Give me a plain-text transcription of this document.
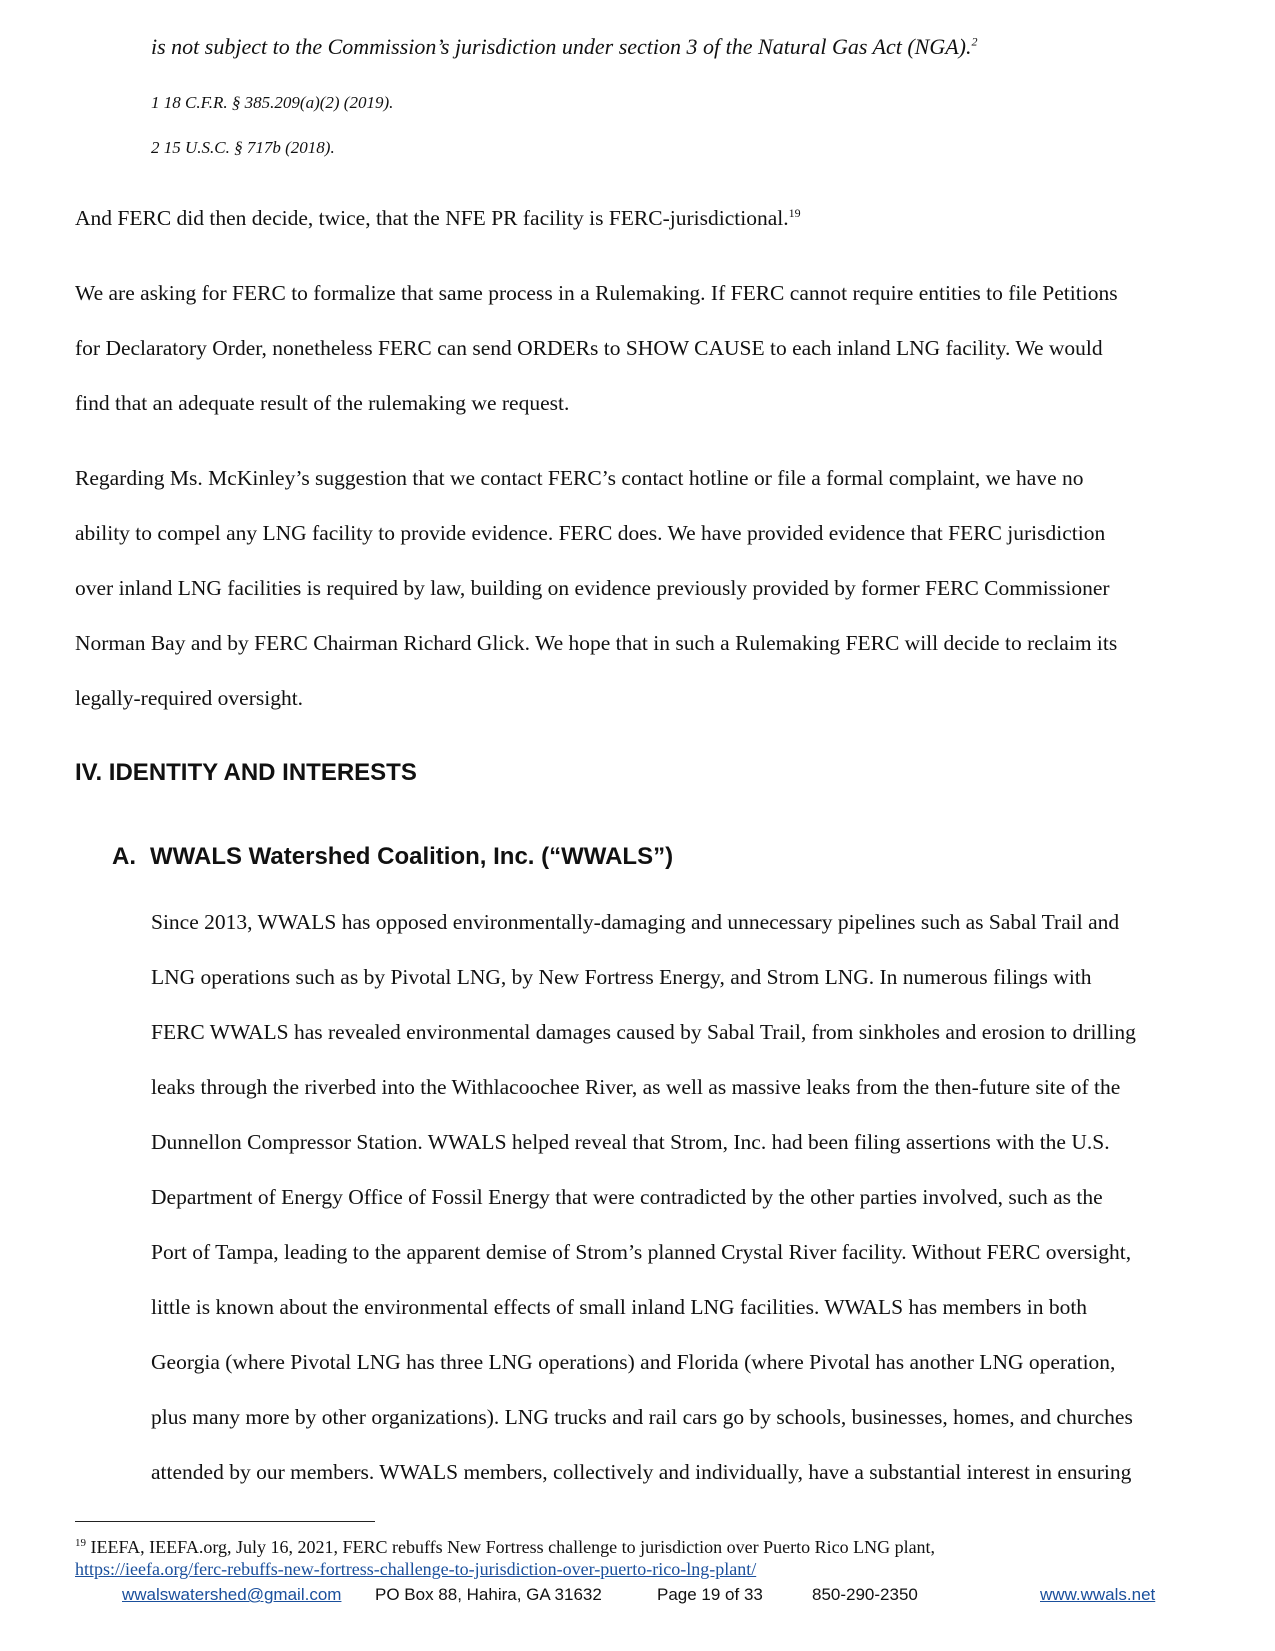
is not subject to the Commission’s jurisdiction under section 3 of the Natural Gas Act (NGA).$^2$
1 18 C.F.R. § 385.209(a)(2) (2019).
2 15 U.S.C. § 717b (2018).
And FERC did then decide, twice, that the NFE PR facility is FERC-jurisdictional.$^{19}$
We are asking for FERC to formalize that same process in a Rulemaking. If FERC cannot require entities to file Petitions
for Declaratory Order, nonetheless FERC can send ORDERs to SHOW CAUSE to each inland LNG facility. We would
find that an adequate result of the rulemaking we request.
Regarding Ms. McKinley’s suggestion that we contact FERC’s contact hotline or file a formal complaint, we have no
ability to compel any LNG facility to provide evidence. FERC does. We have provided evidence that FERC jurisdiction
over inland LNG facilities is required by law, building on evidence previously provided by former FERC Commissioner
Norman Bay and by FERC Chairman Richard Glick. We hope that in such a Rulemaking FERC will decide to reclaim its
legally-required oversight.
IV. IDENTITY AND INTERESTS
A. WWALS Watershed Coalition, Inc. (“WWALS”)
Since 2013, WWALS has opposed environmentally-damaging and unnecessary pipelines such as Sabal Trail and
LNG operations such as by Pivotal LNG, by New Fortress Energy, and Strom LNG. In numerous filings with
FERC WWALS has revealed environmental damages caused by Sabal Trail, from sinkholes and erosion to drilling
leaks through the riverbed into the Withlacoochee River, as well as massive leaks from the then-future site of the
Dunnellon Compressor Station. WWALS helped reveal that Strom, Inc. had been filing assertions with the U.S.
Department of Energy Office of Fossil Energy that were contradicted by the other parties involved, such as the
Port of Tampa, leading to the apparent demise of Strom’s planned Crystal River facility. Without FERC oversight,
little is known about the environmental effects of small inland LNG facilities. WWALS has members in both
Georgia (where Pivotal LNG has three LNG operations) and Florida (where Pivotal has another LNG operation,
plus many more by other organizations). LNG trucks and rail cars go by schools, businesses, homes, and churches
attended by our members. WWALS members, collectively and individually, have a substantial interest in ensuring
$^{19}$ IEEFA, IEEFA.org, July 16, 2021, FERC rebuffs New Fortress challenge to jurisdiction over Puerto Rico LNG plant,
https://ieefa.org/ferc-rebuffs-new-fortress-challenge-to-jurisdiction-over-puerto-rico-lng-plant/
wwalswatershed@gmail.com PO Box 88, Hahira, GA 31632	Page 19 of 33	850-290-2350	www.wwals.net
